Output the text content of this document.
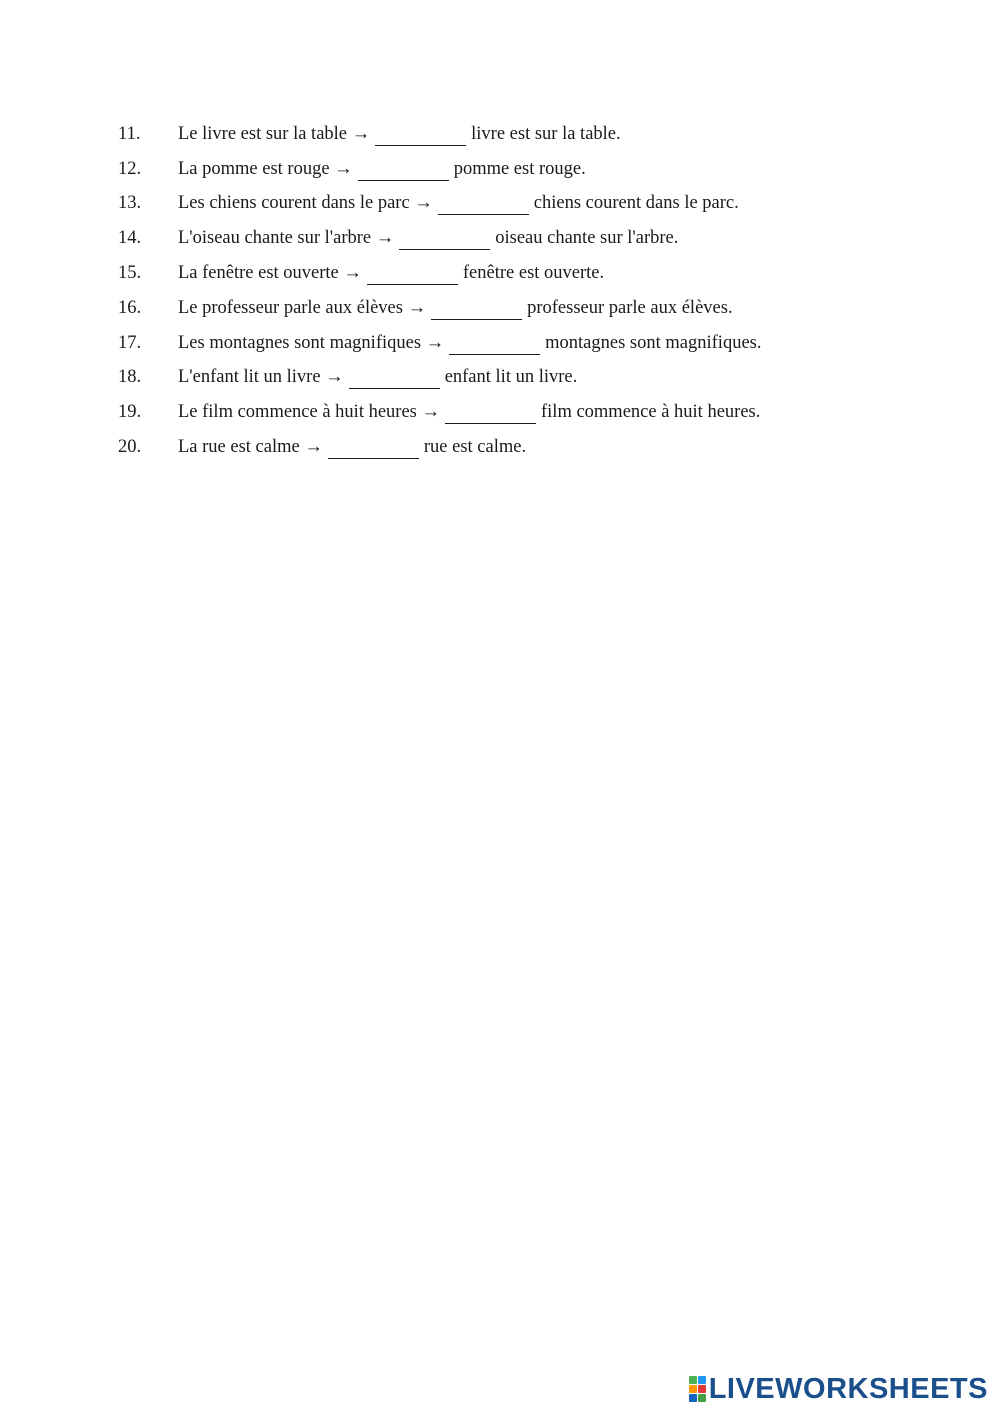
11.	Le livre est sur la table →	livre est sur la table.
12.	La pomme est rouge →	pomme est rouge.
13.	Les chiens courent dans le parc →	chiens courent dans le parc.
14.	L'oiseau chante sur l'arbre →	oiseau chante sur l'arbre.
15.	La fenêtre est ouverte →	fenêtre est ouverte.
16.	Le professeur parle aux élèves →	professeur parle aux élèves.
17.	Les montagnes sont magnifiques →	montagnes sont magnifiques.
18.	L'enfant lit un livre →	enfant lit un livre.
19.	Le film commence à huit heures →	film commence à huit heures.
20.	La rue est calme →	rue est calme.
LIVEWORKSHEETS
